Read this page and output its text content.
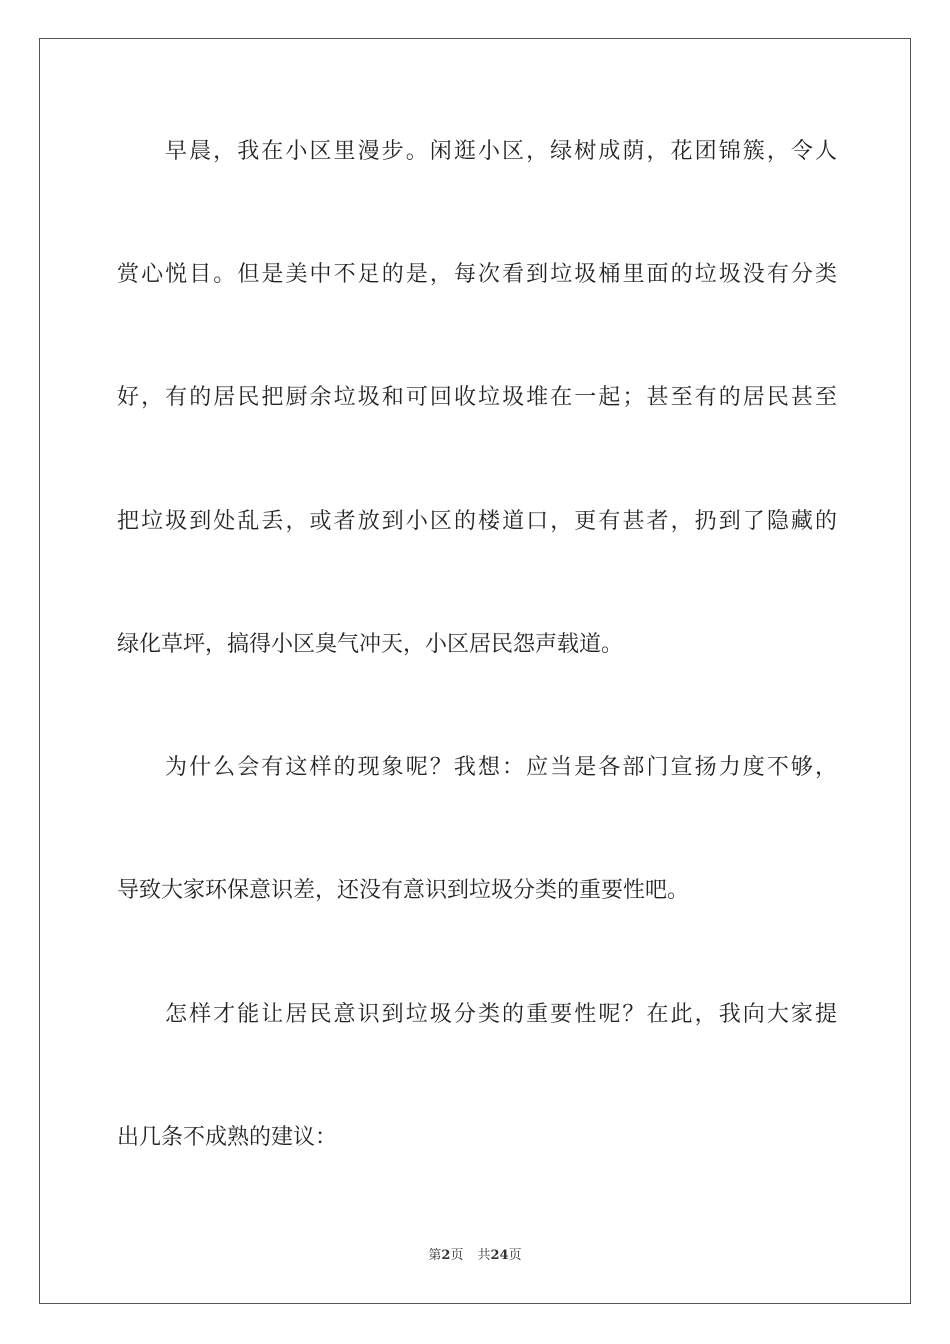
早晨，我在小区里漫步。闲逛小区，绿树成荫，花团锦簇，令人
赏心悦目。但是美中不足的是，每次看到垃圾桶里面的垃圾没有分类
好，有的居民把厨余垃圾和可回收垃圾堆在一起；甚至有的居民甚至
把垃圾到处乱丢，或者放到小区的楼道口，更有甚者，扔到了隐藏的
绿化草坪，搞得小区臭气冲天，小区居民怨声载道。
为什么会有这样的现象呢？我想：应当是各部门宣扬力度不够，
导致大家环保意识差，还没有意识到垃圾分类的重要性吧。
怎样才能让居民意识到垃圾分类的重要性呢？在此，我向大家提
出几条不成熟的建议：
第2页 共24页
